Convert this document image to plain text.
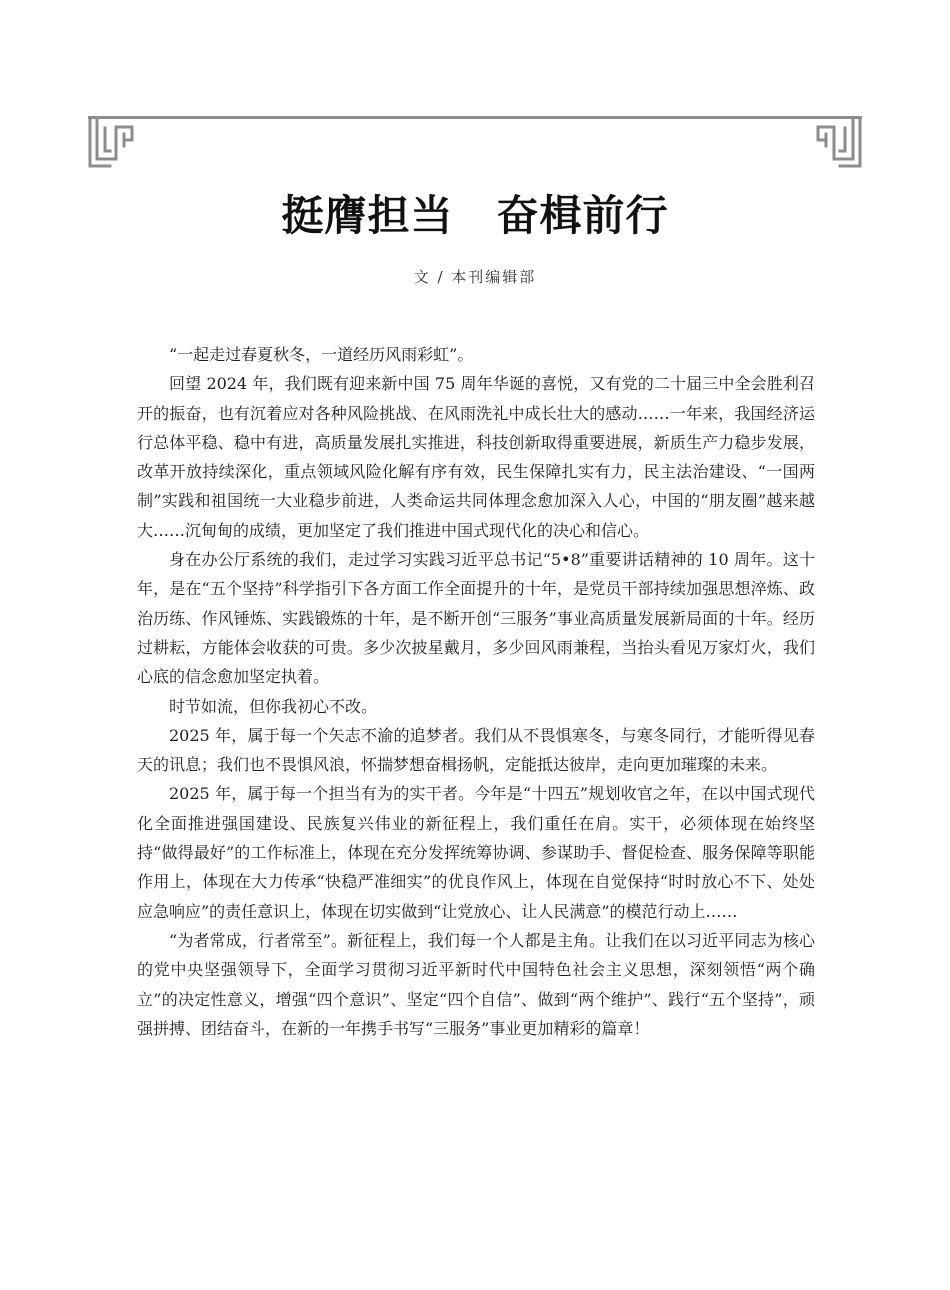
挺膺担当　奋楫前行
文 / 本刊编辑部

“一起走过春夏秋冬，一道经历风雨彩虹”。

回望 2024 年，我们既有迎来新中国 75 周年华诞的喜悦，又有党的二十届三中全会胜利召开的振奋，也有沉着应对各种风险挑战、在风雨洗礼中成长壮大的感动……一年来，我国经济运行总体平稳、稳中有进，高质量发展扎实推进，科技创新取得重要进展，新质生产力稳步发展，改革开放持续深化，重点领域风险化解有序有效，民生保障扎实有力，民主法治建设、“一国两制”实践和祖国统一大业稳步前进，人类命运共同体理念愈加深入人心，中国的“朋友圈”越来越大……沉甸甸的成绩，更加坚定了我们推进中国式现代化的决心和信心。

身在办公厅系统的我们，走过学习实践习近平总书记“5•8”重要讲话精神的 10 周年。这十年，是在“五个坚持”科学指引下各方面工作全面提升的十年，是党员干部持续加强思想淬炼、政治历练、作风锤炼、实践锻炼的十年，是不断开创“三服务”事业高质量发展新局面的十年。经历过耕耘，方能体会收获的可贵。多少次披星戴月，多少回风雨兼程，当抬头看见万家灯火，我们心底的信念愈加坚定执着。

时节如流，但你我初心不改。

2025 年，属于每一个矢志不渝的追梦者。我们从不畏惧寒冬，与寒冬同行，才能听得见春天的讯息；我们也不畏惧风浪，怀揣梦想奋楫扬帆，定能抵达彼岸，走向更加璀璨的未来。

2025 年，属于每一个担当有为的实干者。今年是“十四五”规划收官之年，在以中国式现代化全面推进强国建设、民族复兴伟业的新征程上，我们重任在肩。实干，必须体现在始终坚持“做得最好”的工作标准上，体现在充分发挥统筹协调、参谋助手、督促检查、服务保障等职能作用上，体现在大力传承“快稳严准细实”的优良作风上，体现在自觉保持“时时放心不下、处处应急响应”的责任意识上，体现在切实做到“让党放心、让人民满意”的模范行动上……

“为者常成，行者常至”。新征程上，我们每一个人都是主角。让我们在以习近平同志为核心的党中央坚强领导下，全面学习贯彻习近平新时代中国特色社会主义思想，深刻领悟“两个确立”的决定性意义，增强“四个意识”、坚定“四个自信”、做到“两个维护”、践行“五个坚持”，顽强拼搏、团结奋斗，在新的一年携手书写“三服务”事业更加精彩的篇章！
